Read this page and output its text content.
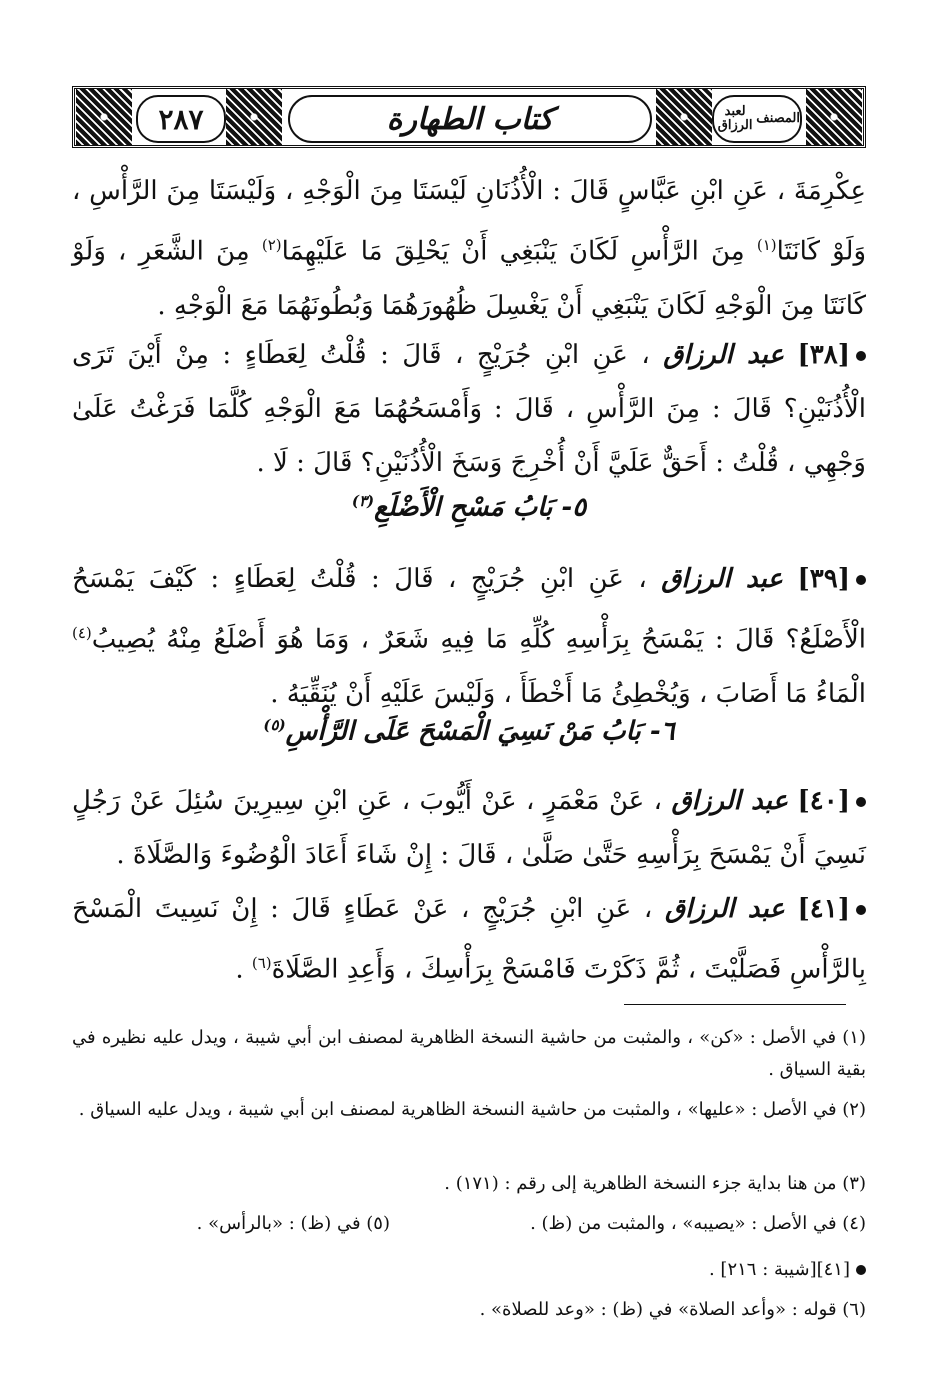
٢٨٧	كتاب الطهارة	المصنف

لعبد الرزاق

عِكْرِمَةَ ، عَنِ ابْنِ عَبَّاسٍ قَالَ : الْأُذُنَانِ لَيْسَتَا مِنَ الْوَجْهِ ، وَلَيْسَتَا مِنَ الرَّأْسِ ، وَلَوْ كَانَتَا$^{(١)}$ مِنَ الرَّأْسِ لَكَانَ يَنْبَغِي أَنْ يَحْلِقَ مَا عَلَيْهِمَا$^{(٢)}$ مِنَ الشَّعَرِ ، وَلَوْ كَانَتَا مِنَ الْوَجْهِ لَكَانَ يَنْبَغِي أَنْ يَغْسِلَ ظُهُورَهُمَا وَبُطُونَهُمَا مَعَ الْوَجْهِ .

[٣٨] عبد الرزاق ، عَنِ ابْنِ جُرَيْجٍ ، قَالَ : قُلْتُ لِعَطَاءٍ : مِنْ أَيْنَ تَرَى الْأُذُنَيْنِ؟ قَالَ : مِنَ الرَّأْسِ ، قَالَ : وَأَمْسَحُهُمَا مَعَ الْوَجْهِ كُلَّمَا فَرَغْتُ عَلَىٰ وَجْهِي ، قُلْتُ : أَحَقٌّ عَلَيَّ أَنْ أُخْرِجَ وَسَخَ الْأُذُنَيْنِ؟ قَالَ : لَا .

٥- بَابُ مَسْحِ الْأَضْلَعِ$^{(٣)}$

[٣٩] عبد الرزاق ، عَنِ ابْنِ جُرَيْجٍ ، قَالَ : قُلْتُ لِعَطَاءٍ : كَيْفَ يَمْسَحُ الْأَصْلَعُ؟ قَالَ : يَمْسَحُ بِرَأْسِهِ كُلِّهِ مَا فِيهِ شَعَرٌ ، وَمَا هُوَ أَصْلَعُ مِنْهُ يُصِيبُ$^{(٤)}$ الْمَاءُ مَا أَصَابَ ، وَيُخْطِئُ مَا أَخْطَأَ ، وَلَيْسَ عَلَيْهِ أَنْ يُنَقِّيَهُ .

٦- بَابُ مَنْ نَسِيَ الْمَسْحَ عَلَى الرَّأْسِ$^{(٥)}$

[٤٠] عبد الرزاق ، عَنْ مَعْمَرٍ ، عَنْ أَيُّوبَ ، عَنِ ابْنِ سِيرِينَ سُئِلَ عَنْ رَجُلٍ نَسِيَ أَنْ يَمْسَحَ بِرَأْسِهِ حَتَّىٰ صَلَّىٰ ، قَالَ : إِنْ شَاءَ أَعَادَ الْوُضُوءَ وَالصَّلَاةَ .

[٤١] عبد الرزاق ، عَنِ ابْنِ جُرَيْجٍ ، عَنْ عَطَاءٍ قَالَ : إِنْ نَسِيتَ الْمَسْحَ بِالرَّأْسِ فَصَلَّيْتَ ، ثُمَّ ذَكَرْتَ فَامْسَحْ بِرَأْسِكَ ، وَأَعِدِ الصَّلَاةَ$^{(٦)}$ .

(١) في الأصل : «كن» ، والمثبت من حاشية النسخة الظاهرية لمصنف ابن أبي شيبة ، ويدل عليه نظيره في بقية السياق .
(٢) في الأصل : «عليها» ، والمثبت من حاشية النسخة الظاهرية لمصنف ابن أبي شيبة ، ويدل عليه السياق .
(٣) من هنا بداية جزء النسخة الظاهرية إلى رقم : (١٧١) .
(٤) في الأصل : «يصيبه» ، والمثبت من (ظ) .
(٥) في (ظ) : «بالرأس» .
[٤١][شيبة : ٢١٦] .
(٦) قوله : «وأعد الصلاة» في (ظ) : «وعد للصلاة» .
